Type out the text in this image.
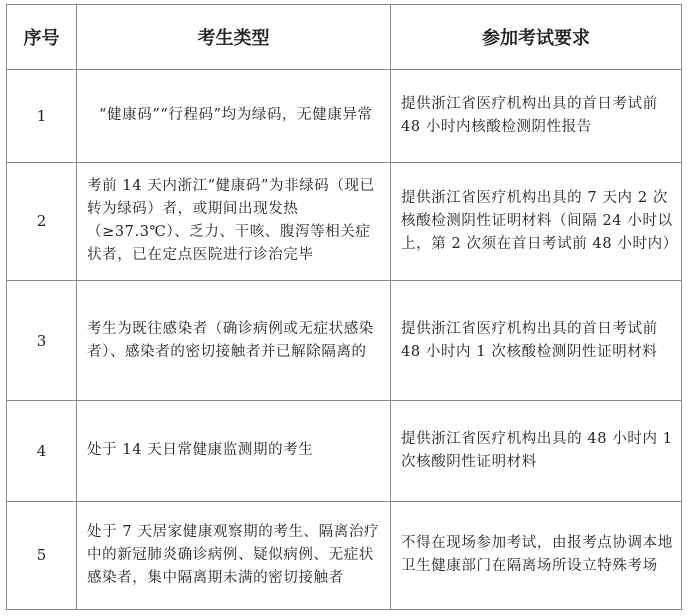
序号	考生类型	参加考试要求
1	“健康码”“行程码”均为绿码，无健康异常	提供浙江省医疗机构出具的首日考试前 48 小时内核酸检测阴性报告
2	考前 14 天内浙江“健康码”为非绿码（现已转为绿码）者，或期间出现发热（≥37.3℃）、乏力、干咳、腹泻等相关症状者，已在定点医院进行诊治完毕	提供浙江省医疗机构出具的 7 天内 2 次核酸检测阴性证明材料（间隔 24 小时以上，第 2 次须在首日考试前 48 小时内）
3	考生为既往感染者（确诊病例或无症状感染者）、感染者的密切接触者并已解除隔离的	提供浙江省医疗机构出具的首日考试前 48 小时内 1 次核酸检测阴性证明材料
4	处于 14 天日常健康监测期的考生	提供浙江省医疗机构出具的 48 小时内 1 次核酸阴性证明材料
5	处于 7 天居家健康观察期的考生、隔离治疗中的新冠肺炎确诊病例、疑似病例、无症状感染者，集中隔离期未满的密切接触者	不得在现场参加考试，由报考点协调本地卫生健康部门在隔离场所设立特殊考场
